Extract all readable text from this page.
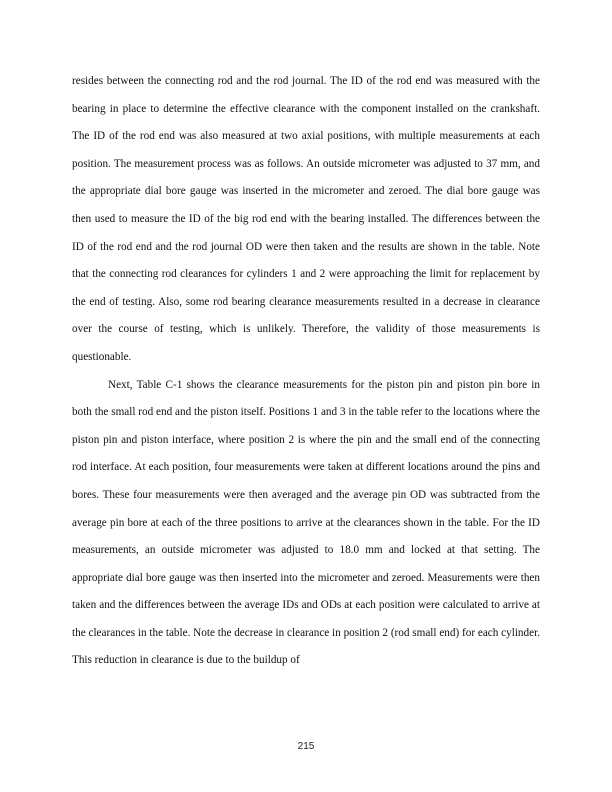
resides between the connecting rod and the rod journal. The ID of the rod end was measured with the bearing in place to determine the effective clearance with the component installed on the crankshaft. The ID of the rod end was also measured at two axial positions, with multiple measurements at each position. The measurement process was as follows. An outside micrometer was adjusted to 37 mm, and the appropriate dial bore gauge was inserted in the micrometer and zeroed. The dial bore gauge was then used to measure the ID of the big rod end with the bearing installed. The differences between the ID of the rod end and the rod journal OD were then taken and the results are shown in the table. Note that the connecting rod clearances for cylinders 1 and 2 were approaching the limit for replacement by the end of testing. Also, some rod bearing clearance measurements resulted in a decrease in clearance over the course of testing, which is unlikely. Therefore, the validity of those measurements is questionable.

Next, Table C-1 shows the clearance measurements for the piston pin and piston pin bore in both the small rod end and the piston itself. Positions 1 and 3 in the table refer to the locations where the piston pin and piston interface, where position 2 is where the pin and the small end of the connecting rod interface. At each position, four measurements were taken at different locations around the pins and bores. These four measurements were then averaged and the average pin OD was subtracted from the average pin bore at each of the three positions to arrive at the clearances shown in the table. For the ID measurements, an outside micrometer was adjusted to 18.0 mm and locked at that setting. The appropriate dial bore gauge was then inserted into the micrometer and zeroed. Measurements were then taken and the differences between the average IDs and ODs at each position were calculated to arrive at the clearances in the table. Note the decrease in clearance in position 2 (rod small end) for each cylinder. This reduction in clearance is due to the buildup of

215
